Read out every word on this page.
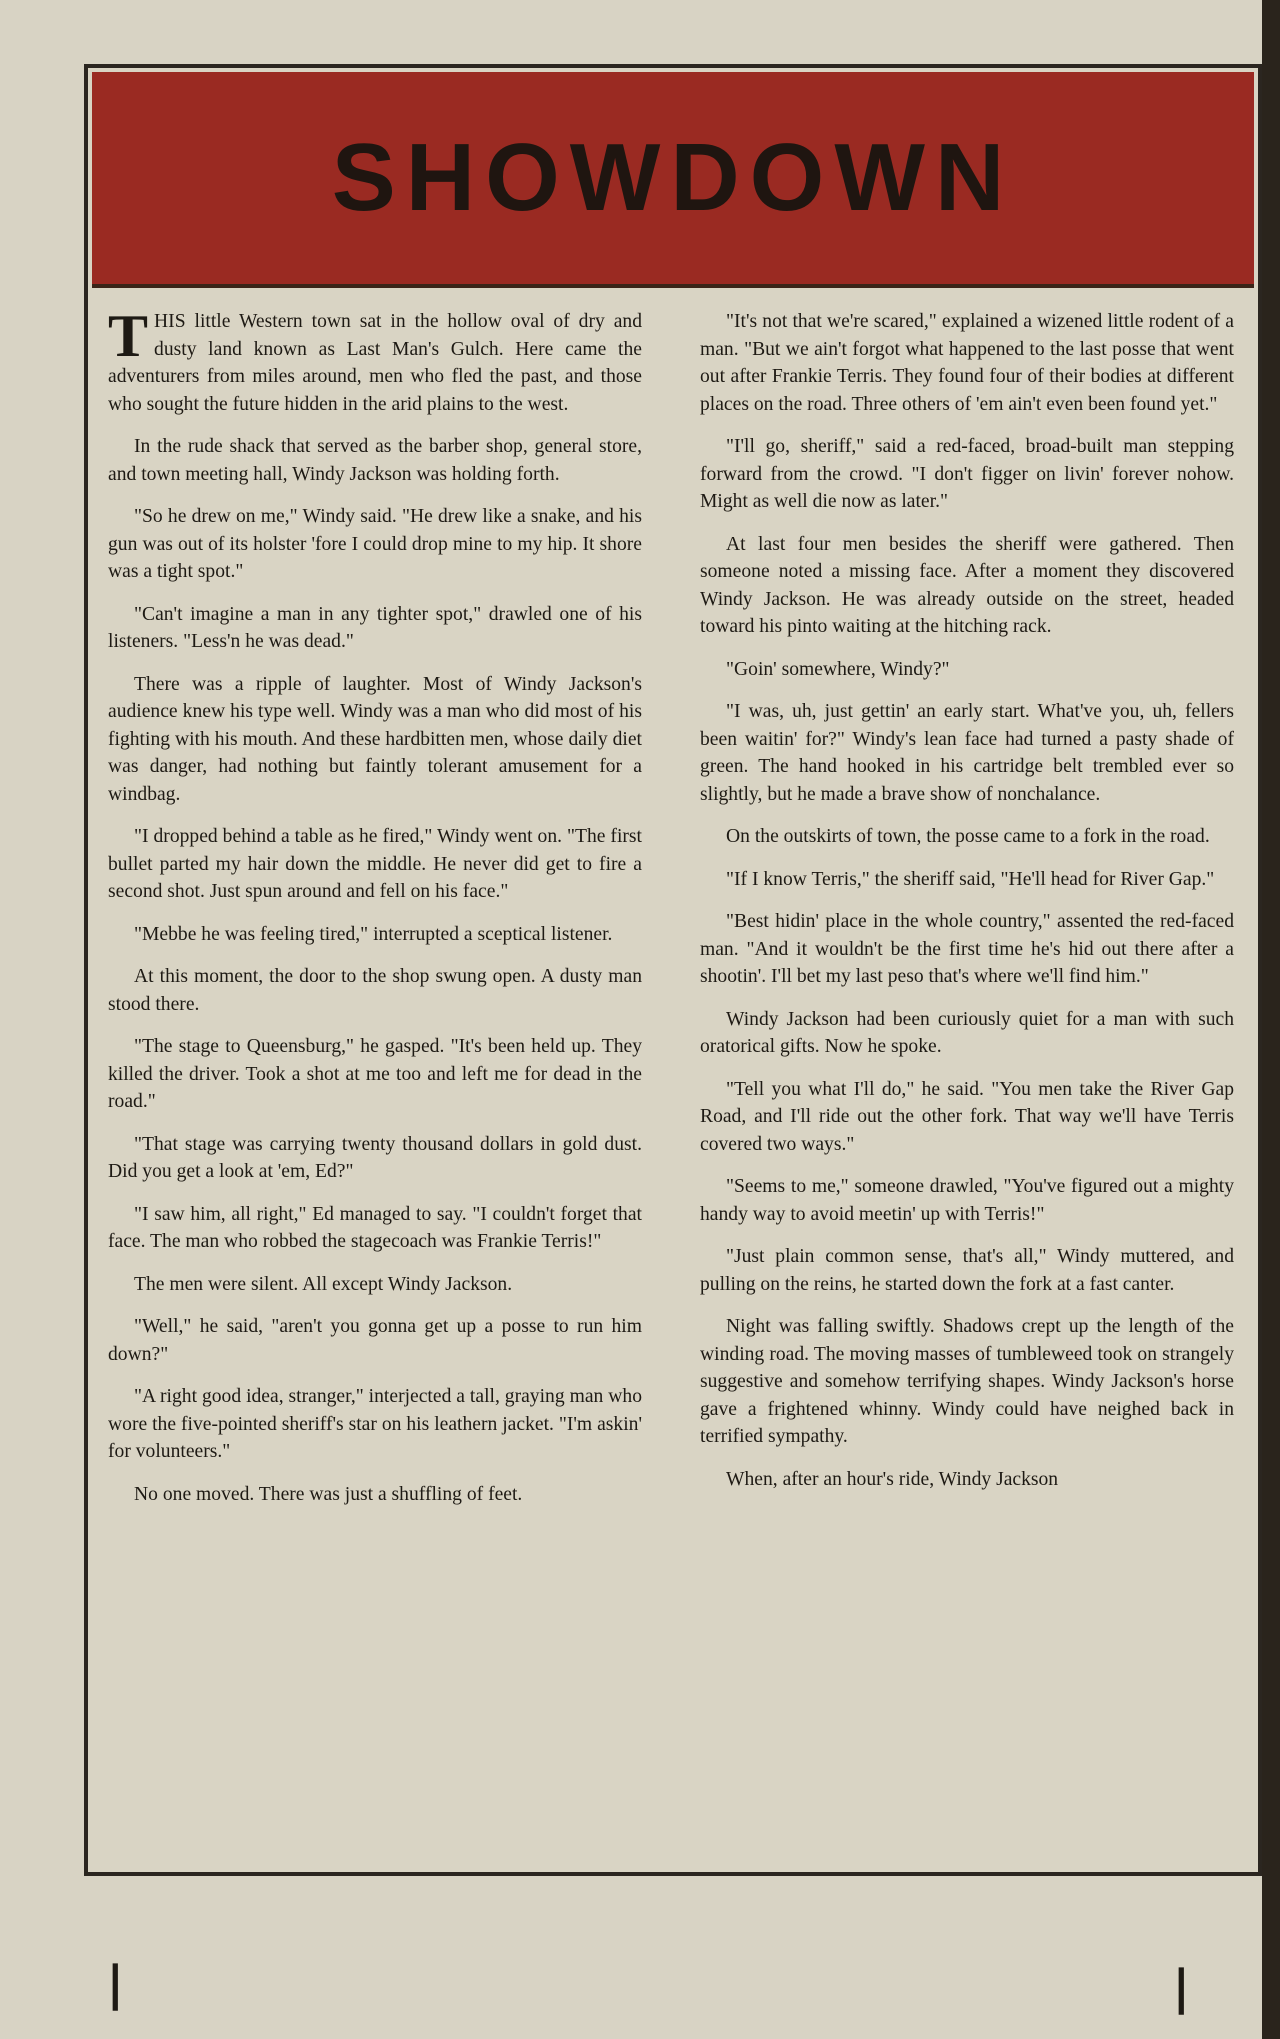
SHOWDOWN

THIS little Western town sat in the hollow oval of dry and dusty land known as Last Man's Gulch. Here came the adventurers from miles around, men who fled the past, and those who sought the future hidden in the arid plains to the west.

In the rude shack that served as the barber shop, general store, and town meeting hall, Windy Jackson was holding forth.

"So he drew on me," Windy said. "He drew like a snake, and his gun was out of its holster 'fore I could drop mine to my hip. It shore was a tight spot."

"Can't imagine a man in any tighter spot," drawled one of his listeners. "Less'n he was dead."

There was a ripple of laughter. Most of Windy Jackson's audience knew his type well. Windy was a man who did most of his fighting with his mouth. And these hardbitten men, whose daily diet was danger, had nothing but faintly tolerant amusement for a windbag.

"I dropped behind a table as he fired," Windy went on. "The first bullet parted my hair down the middle. He never did get to fire a second shot. Just spun around and fell on his face."

"Mebbe he was feeling tired," interrupted a sceptical listener.

At this moment, the door to the shop swung open. A dusty man stood there.

"The stage to Queensburg," he gasped. "It's been held up. They killed the driver. Took a shot at me too and left me for dead in the road."

"That stage was carrying twenty thousand dollars in gold dust. Did you get a look at 'em, Ed?"

"I saw him, all right," Ed managed to say. "I couldn't forget that face. The man who robbed the stagecoach was Frankie Terris!"

The men were silent. All except Windy Jackson.

"Well," he said, "aren't you gonna get up a posse to run him down?"

"A right good idea, stranger," interjected a tall, graying man who wore the five-pointed sheriff's star on his leathern jacket. "I'm askin' for volunteers."

No one moved. There was just a shuffling of feet.

"It's not that we're scared," explained a wizened little rodent of a man. "But we ain't forgot what happened to the last posse that went out after Frankie Terris. They found four of their bodies at different places on the road. Three others of 'em ain't even been found yet."

"I'll go, sheriff," said a red-faced, broad-built man stepping forward from the crowd. "I don't figger on livin' forever nohow. Might as well die now as later."

At last four men besides the sheriff were gathered. Then someone noted a missing face. After a moment they discovered Windy Jackson. He was already outside on the street, headed toward his pinto waiting at the hitching rack.

"Goin' somewhere, Windy?"

"I was, uh, just gettin' an early start. What've you, uh, fellers been waitin' for?" Windy's lean face had turned a pasty shade of green. The hand hooked in his cartridge belt trembled ever so slightly, but he made a brave show of nonchalance.

On the outskirts of town, the posse came to a fork in the road.

"If I know Terris," the sheriff said, "He'll head for River Gap."

"Best hidin' place in the whole country," assented the red-faced man. "And it wouldn't be the first time he's hid out there after a shootin'. I'll bet my last peso that's where we'll find him."

Windy Jackson had been curiously quiet for a man with such oratorical gifts. Now he spoke.

"Tell you what I'll do," he said. "You men take the River Gap Road, and I'll ride out the other fork. That way we'll have Terris covered two ways."

"Seems to me," someone drawled, "You've figured out a mighty handy way to avoid meetin' up with Terris!"

"Just plain common sense, that's all," Windy muttered, and pulling on the reins, he started down the fork at a fast canter.

Night was falling swiftly. Shadows crept up the length of the winding road. The moving masses of tumbleweed took on strangely suggestive and somehow terrifying shapes. Windy Jackson's horse gave a frightened whinny. Windy could have neighed back in terrified sympathy.

When, after an hour's ride, Windy Jackson

❘	❘
